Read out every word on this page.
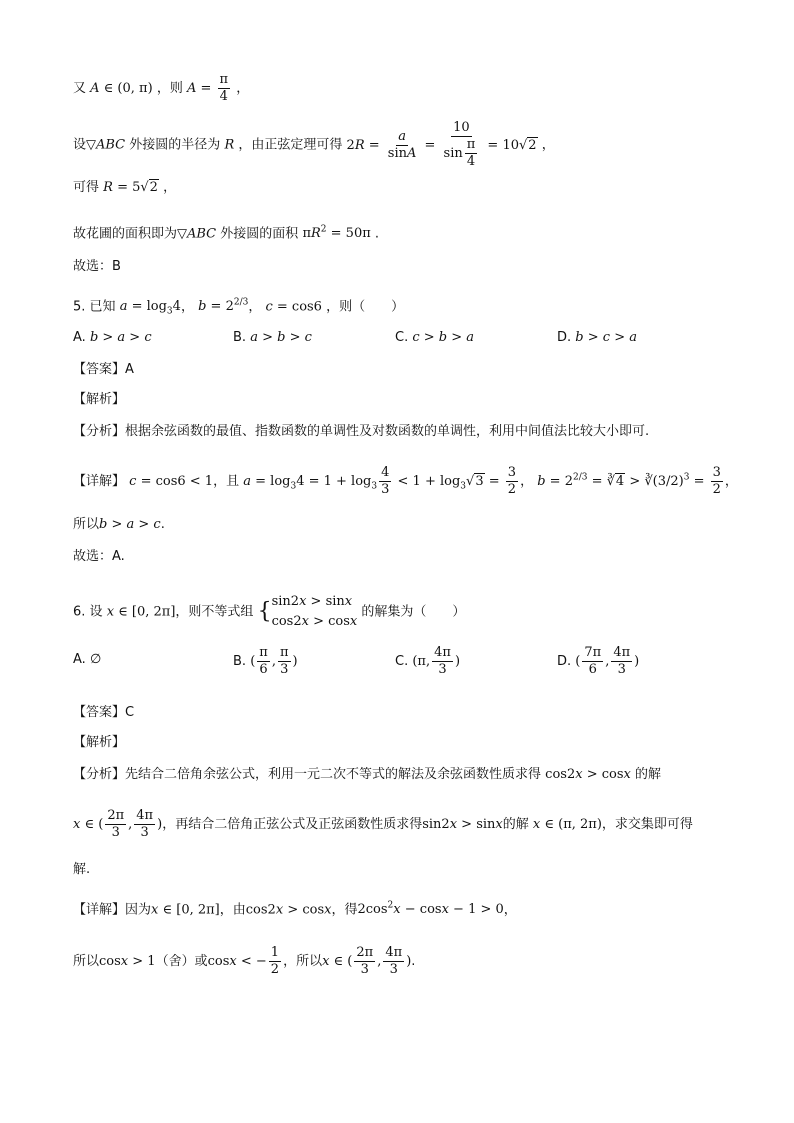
又 A ∈ (0, π) ，则 $A = \frac{\pi}{4}$ ，
设▽ABC 外接圆的半径为 R ，由正弦定理可得 $2R = \frac{a}{\sin A} = \frac{10}{\sin \frac{\pi}{4}} = 10√2$ ，
可得 R = 5√2 ，
故花圃的面积即为▽ABC 外接圆的面积 $\pi R^2 = 50\pi$ .
故选：B
5. 已知 $a = \log_34$， $b = 2^{2/3}$， c = cos6 ，则（　　）
A. b > a > c	B. a > b > c	C. c > b > a	D. b > c > a
【答案】A
【解析】
【分析】根据余弦函数的最值、指数函数的单调性及对数函数的单调性，利用中间值法比较大小即可.
【详解】 c = cos6 < 1，且 $a = \log_34 = 1 + \log_3 \frac{4}{3} < 1 + \log_3√3 = \frac{3}{2}$ ， $b = 2^{2/3}$ = ∛4 > $∛(3/2)^3 = \frac{3}{2}$ ，
所以b > a > c.
故选：A.
6. 设 x ∈ [0, 2π]，则不等式组 { sin2x > sinx
cos2x > cosx
的解集为（　　）
A. ∅	B. ( $\frac{\pi}{6}$ , $\frac{\pi}{3}$ )	C. (π, $\frac{4\pi}{3}$ )	D. ( $\frac{7\pi}{6}$ , $\frac{4\pi}{3}$ )
【答案】C
【解析】
【分析】先结合二倍角余弦公式，利用一元二次不等式的解法及余弦函数性质求得 cos2x > cosx 的解
x ∈ ( $\frac{2\pi}{3}$ , $\frac{4\pi}{3}$ )，再结合二倍角正弦公式及正弦函数性质求得sin2x > sinx的解 x ∈ (π, 2π)，求交集即可得
解.
【详解】因为x ∈ [0, 2π]，由cos2x > cosx，得$2\cos^2x - \cos x - 1 > 0$，
所以cosx > 1（舍）或cosx < − $\frac{1}{2}$ ，所以x ∈ ( $\frac{2\pi}{3}$ , $\frac{4\pi}{3}$ ).
